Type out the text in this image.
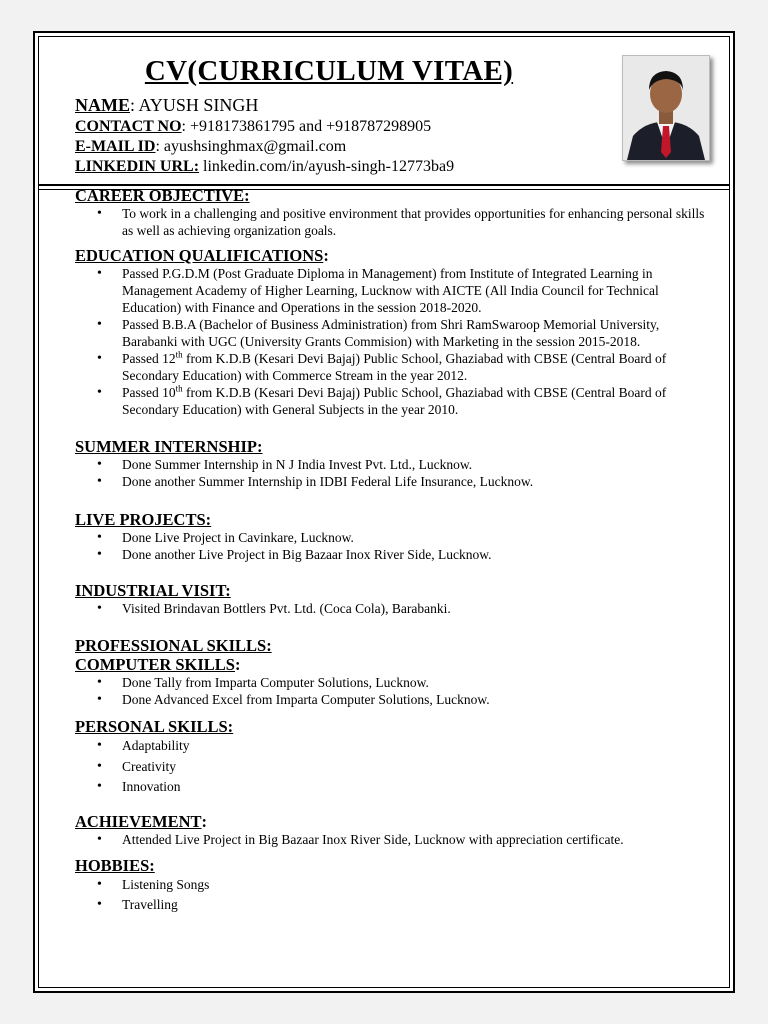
CV(CURRICULUM VITAE)
NAME: AYUSH SINGH
CONTACT NO: +918173861795 and +918787298905
E-MAIL ID: ayushsinghmax@gmail.com
LINKEDIN URL: linkedin.com/in/ayush-singh-12773ba9
CAREER OBJECTIVE:
• To work in a challenging and positive environment that provides opportunities for enhancing personal skills as well as achieving organization goals.
EDUCATION QUALIFICATIONS:
• Passed P.G.D.M (Post Graduate Diploma in Management) from Institute of Integrated Learning in Management Academy of Higher Learning, Lucknow with AICTE (All India Council for Technical Education) with Finance and Operations in the session 2018-2020.
• Passed B.B.A (Bachelor of Business Administration) from Shri RamSwaroop Memorial University, Barabanki with UGC (University Grants Commision) with Marketing in the session 2015-2018.
• Passed 12th from K.D.B (Kesari Devi Bajaj) Public School, Ghaziabad with CBSE (Central Board of Secondary Education) with Commerce Stream in the year 2012.
• Passed 10th from K.D.B (Kesari Devi Bajaj) Public School, Ghaziabad with CBSE (Central Board of Secondary Education) with General Subjects in the year 2010.
SUMMER INTERNSHIP:
• Done Summer Internship in N J India Invest Pvt. Ltd., Lucknow.
• Done another Summer Internship in IDBI Federal Life Insurance, Lucknow.
LIVE PROJECTS:
• Done Live Project in Cavinkare, Lucknow.
• Done another Live Project in Big Bazaar Inox River Side, Lucknow.
INDUSTRIAL VISIT:
• Visited Brindavan Bottlers Pvt. Ltd. (Coca Cola), Barabanki.
PROFESSIONAL SKILLS:
COMPUTER SKILLS:
• Done Tally from Imparta Computer Solutions, Lucknow.
• Done Advanced Excel from Imparta Computer Solutions, Lucknow.
PERSONAL SKILLS:
• Adaptability
• Creativity
• Innovation
ACHIEVEMENT:
• Attended Live Project in Big Bazaar Inox River Side, Lucknow with appreciation certificate.
HOBBIES:
• Listening Songs
• Travelling
